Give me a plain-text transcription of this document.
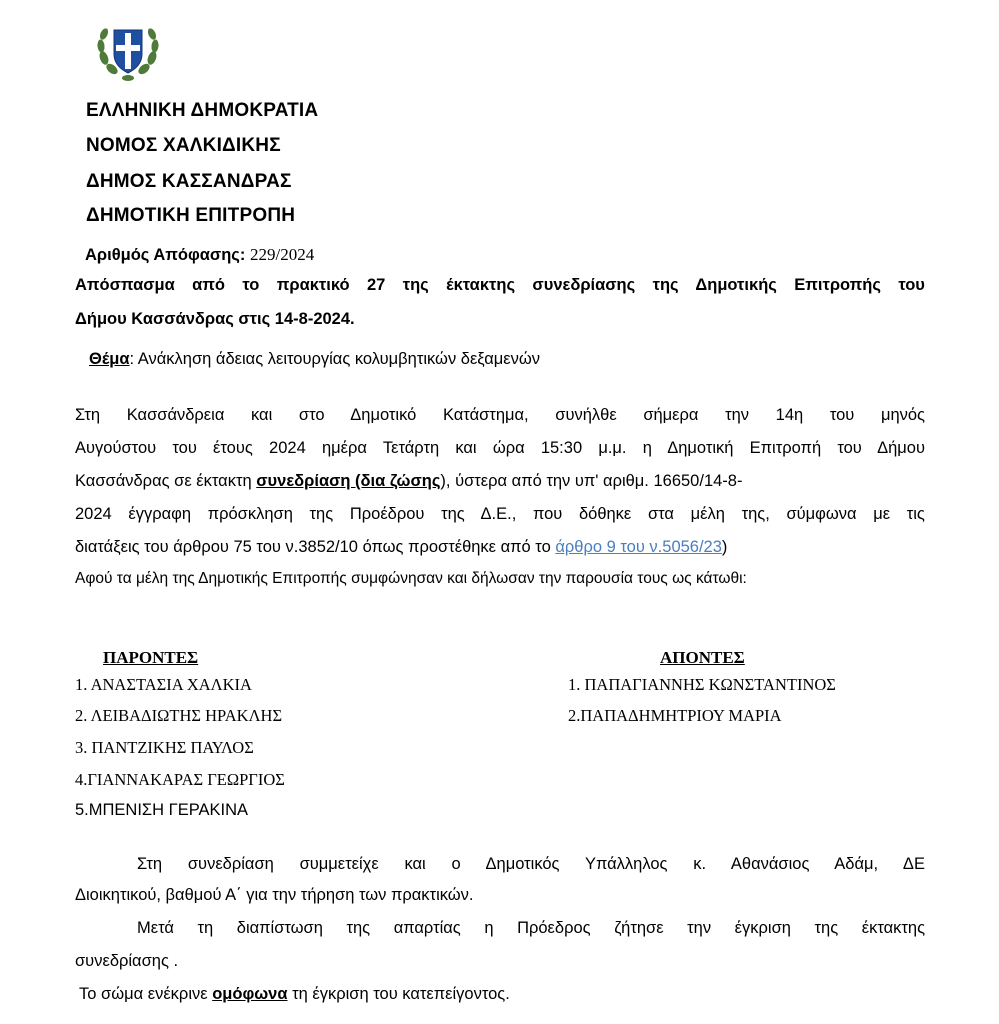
ΕΛΛΗΝΙΚΗ ΔΗΜΟΚΡΑΤΙΑ
ΝΟΜΟΣ ΧΑΛΚΙΔΙΚΗΣ
ΔΗΜΟΣ ΚΑΣΣΑΝΔΡΑΣ
ΔΗΜΟΤΙΚΗ ΕΠΙΤΡΟΠΗ
Αριθμός Απόφασης: 229/2024
Απόσπασμα από το πρακτικό 27 της έκτακτης συνεδρίασης της Δημοτικής Επιτροπής του
Δήμου Κασσάνδρας στις 14-8-2024.
Θέμα: Ανάκληση άδειας λειτουργίας κολυμβητικών δεξαμενών
Στη Κασσάνδρεια και στο Δημοτικό Κατάστημα, συνήλθε σήμερα την 14η του μηνός
Αυγούστου του έτους 2024 ημέρα Τετάρτη και ώρα 15:30 μ.μ. η Δημοτική Επιτροπή του Δήμου
Κασσάνδρας σε έκτακτη συνεδρίαση (δια ζώσης), ύστερα από την υπ' αριθμ. 16650/14-8-
2024 έγγραφη πρόσκληση της Προέδρου της Δ.Ε., που δόθηκε στα μέλη της, σύμφωνα με τις
διατάξεις του άρθρου 75 του ν.3852/10 όπως προστέθηκε από το άρθρο 9 του ν.5056/23)
Αφού τα μέλη της Δημοτικής Επιτροπής συμφώνησαν και δήλωσαν την παρουσία τους ως κάτωθι:
ΠΑΡΟΝΤΕΣ	ΑΠΟΝΤΕΣ
1. ΑΝΑΣΤΑΣΙΑ ΧΑΛΚΙΑ
2. ΛΕΙΒΑΔΙΩΤΗΣ ΗΡΑΚΛΗΣ
3. ΠΑΝΤΖΙΚΗΣ ΠΑΥΛΟΣ
4.ΓΙΑΝΝΑΚΑΡΑΣ ΓΕΩΡΓΙΟΣ
5.ΜΠΕΝΙΣΗ ΓΕΡΑΚΙΝΑ
1. ΠΑΠΑΓΙΑΝΝΗΣ ΚΩΝΣΤΑΝΤΙΝΟΣ
2.ΠΑΠΑΔΗΜΗΤΡΙΟΥ ΜΑΡΙΑ
Στη συνεδρίαση συμμετείχε και ο Δημοτικός Υπάλληλος κ. Αθανάσιος Αδάμ, ΔΕ
Διοικητικού, βαθμού Α΄ για την τήρηση των πρακτικών.
Μετά τη διαπίστωση της απαρτίας η Πρόεδρος ζήτησε την έγκριση της έκτακτης
συνεδρίασης .
Το σώμα ενέκρινε ομόφωνα τη έγκριση του κατεπείγοντος.
